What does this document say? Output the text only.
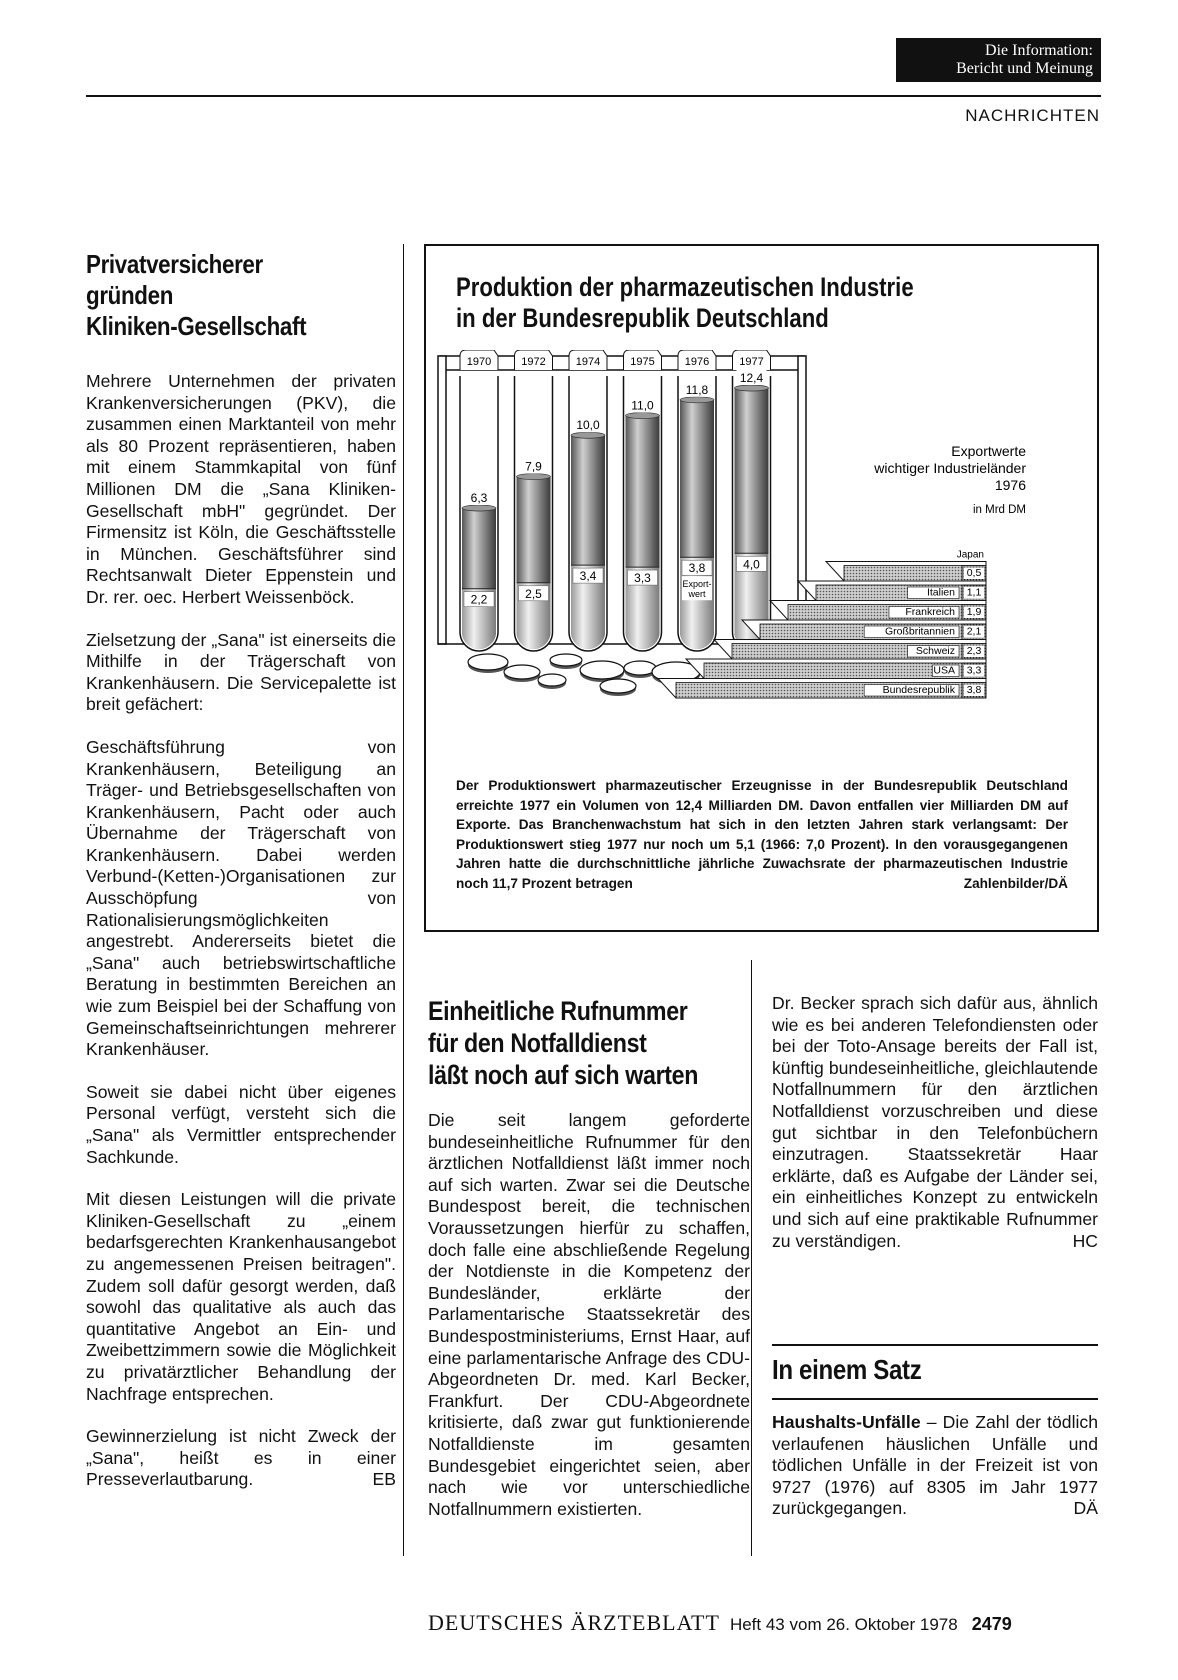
Die Information:
Bericht und Meinung
NACHRICHTEN
Privatversicherer
gründen
Kliniken-Gesellschaft

Mehrere Unternehmen der privaten Krankenversicherungen (PKV), die zusammen einen Marktanteil von mehr als 80 Prozent repräsentieren, haben mit einem Stammkapital von fünf Millionen DM die „Sana Kliniken-Gesellschaft mbH" gegründet. Der Firmensitz ist Köln, die Geschäftsstelle in München. Geschäftsführer sind Rechtsanwalt Dieter Eppenstein und Dr. rer. oec. Herbert Weissenböck.

Zielsetzung der „Sana" ist einerseits die Mithilfe in der Trägerschaft von Krankenhäusern. Die Servicepalette ist breit gefächert:

Geschäftsführung von Krankenhäusern, Beteiligung an Träger- und Betriebsgesellschaften von Krankenhäusern, Pacht oder auch Übernahme der Trägerschaft von Krankenhäusern. Dabei werden Verbund-(Ketten-)Organisationen zur Ausschöpfung von Rationalisierungsmöglichkeiten angestrebt. Andererseits bietet die „Sana" auch betriebswirtschaftliche Beratung in bestimmten Bereichen an wie zum Beispiel bei der Schaffung von Gemeinschaftseinrichtungen mehrerer Krankenhäuser.

Soweit sie dabei nicht über eigenes Personal verfügt, versteht sich die „Sana" als Vermittler entsprechender Sachkunde.

Mit diesen Leistungen will die private Kliniken-Gesellschaft zu „einem bedarfsgerechten Krankenhausangebot zu angemessenen Preisen beitragen". Zudem soll dafür gesorgt werden, daß sowohl das qualitative als auch das quantitative Angebot an Ein- und Zweibettzimmern sowie die Möglichkeit zu privatärztlicher Behandlung der Nachfrage entsprechen.

Gewinnerzielung ist nicht Zweck der „Sana", heißt es in einer Presseverlautbarung.	EB

Produktion der pharmazeutischen Industrie
in der Bundesrepublik Deutschland
1970	1972	1974	1975	1976	1977
6,3
2,2
7,9
2,5
10,0
3,4
11,0
3,3
11,8
3,8
Export-
wert
12,4
4,0
Bundesrepublik 3,8
USA 3,3
Schweiz 2,3
Großbritannien 2,1
Frankreich 1,9
Italien 1,1
Japan
0,5
Exportwerte
wichtiger Industrieländer
1976
in Mrd DM
Der Produktionswert pharmazeutischer Erzeugnisse in der Bundesrepublik Deutschland erreichte 1977 ein Volumen von 12,4 Milliarden DM. Davon entfallen vier Milliarden DM auf Exporte. Das Branchenwachstum hat sich in den letzten Jahren stark verlangsamt: Der Produktionswert stieg 1977 nur noch um 5,1 (1966: 7,0 Prozent). In den vorausgegangenen Jahren hatte die durchschnittliche jährliche Zuwachsrate der pharmazeutischen Industrie noch 11,7 Prozent betragen	Zahlenbilder/DÄ
Einheitliche Rufnummer
für den Notfalldienst
läßt noch auf sich warten

Die seit langem geforderte bundeseinheitliche Rufnummer für den ärztlichen Notfalldienst läßt immer noch auf sich warten. Zwar sei die Deutsche Bundespost bereit, die technischen Voraussetzungen hierfür zu schaffen, doch falle eine abschließende Regelung der Notdienste in die Kompetenz der Bundesländer, erklärte der Parlamentarische Staatssekretär des Bundespostministeriums, Ernst Haar, auf eine parlamentarische Anfrage des CDU-Abgeordneten Dr. med. Karl Becker, Frankfurt. Der CDU-Abgeordnete kritisierte, daß zwar gut funktionierende Notfalldienste im gesamten Bundesgebiet eingerichtet seien, aber nach wie vor unterschiedliche Notfallnummern existierten.

Dr. Becker sprach sich dafür aus, ähnlich wie es bei anderen Telefondiensten oder bei der Toto-Ansage bereits der Fall ist, künftig bundeseinheitliche, gleichlautende Notfallnummern für den ärztlichen Notfalldienst vorzuschreiben und diese gut sichtbar in den Telefonbüchern einzutragen. Staatssekretär Haar erklärte, daß es Aufgabe der Länder sei, ein einheitliches Konzept zu entwickeln und sich auf eine praktikable Rufnummer zu verständigen.	HC

In einem Satz

Haushalts-Unfälle – Die Zahl der tödlich verlaufenen häuslichen Unfälle und tödlichen Unfälle in der Freizeit ist von 9727 (1976) auf 8305 im Jahr 1977 zurückgegangen.	DÄ

DEUTSCHES ÄRZTEBLATT Heft 43 vom 26. Oktober 1978 2479
